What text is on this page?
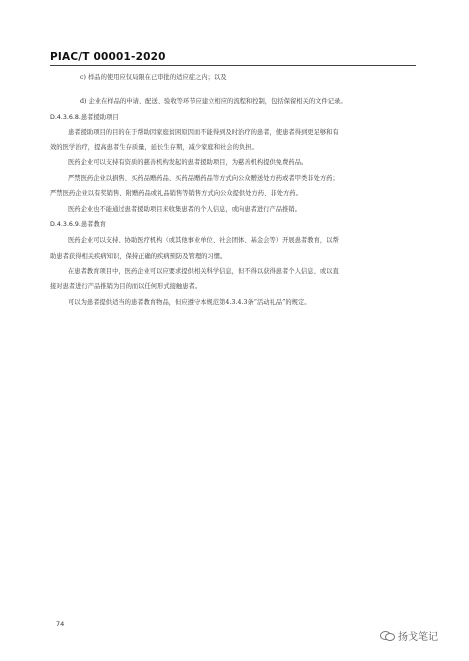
PIAC/T 00001-2020
c) 样品的使用应仅局限在已审批的适应症之内；以及
d) 企业在样品的申请、配送、验收等环节应建立相应的流程和控制，包括保留相关的文件记录。
D.4.3.6.8.患者援助项目
患者援助项目的目的在于帮助因家庭贫困原因而不能得到及时治疗的患者，使患者得到更足够和有
效的医学治疗，提高患者生存质量，延长生存期，减少家庭和社会的负担。
医药企业可以支持有资质的慈善机构发起的患者援助项目，为慈善机构提供免费药品。
严禁医药企业以捐售、买药品赠药品、买药品赠药品等方式向公众赠送处方药或者甲类非处方药；
严禁医药企业以有奖销售、附赠药品或礼品销售等销售方式向公众提供处方药、非处方药。
医药企业也不能通过患者援助项目来收集患者的个人信息，或向患者进行产品推销。
D.4.3.6.9.患者教育
医药企业可以支持、协助医疗机构（或其他事业单位、社会团体、基金会等）开展患者教育，以帮
助患者获得相关疾病知识，保持正确的疾病预防及管理的习惯。
在患者教育项目中，医药企业可以应要求提供相关科学信息，但不得以获得患者个人信息、或以直
接对患者进行产品推销为目的而以任何形式接触患者。
可以为患者提供适当的患者教育物品，但应遵守本规范第4.3.4.3条“活动礼品”的规定。
74
扬戈笔记
